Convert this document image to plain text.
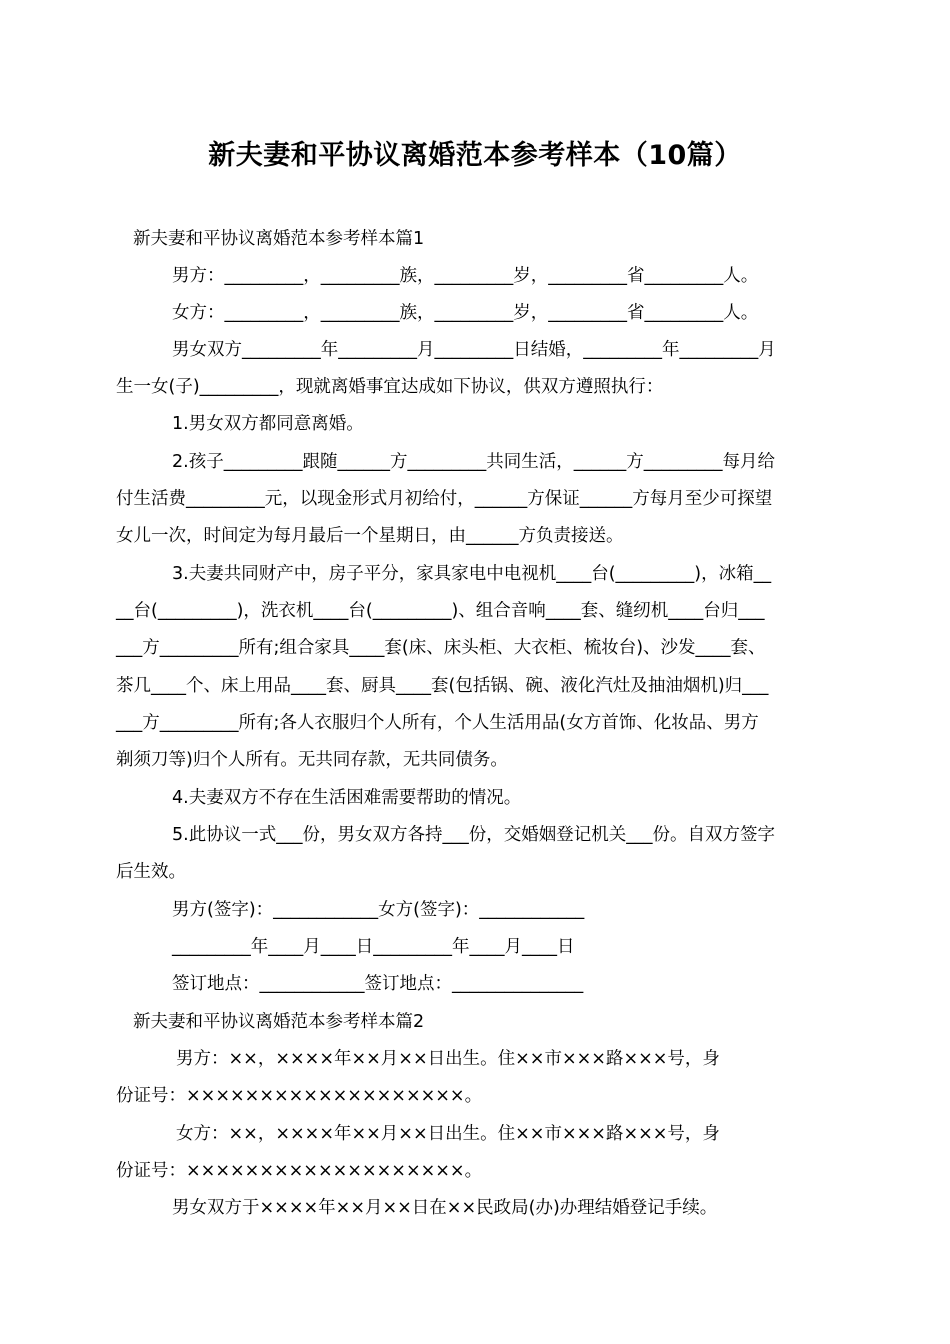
新夫妻和平协议离婚范本参考样本（10篇）
新夫妻和平协议离婚范本参考样本篇1
男方：_________，_________族，_________岁，_________省_________人。
女方：_________，_________族，_________岁，_________省_________人。
男女双方_________年_________月_________日结婚，_________年_________月
生一女(子)_________，现就离婚事宜达成如下协议，供双方遵照执行：
1.男女双方都同意离婚。
2.孩子_________跟随______方_________共同生活，______方_________每月给
付生活费_________元，以现金形式月初给付，______方保证______方每月至少可探望
女儿一次，时间定为每月最后一个星期日，由______方负责接送。
3.夫妻共同财产中，房子平分，家具家电中电视机____台(_________)，冰箱__
__台(_________)，洗衣机____台(_________)、组合音响____套、缝纫机____台归___
___方_________所有;组合家具____套(床、床头柜、大衣柜、梳妆台)、沙发____套、
茶几____个、床上用品____套、厨具____套(包括锅、碗、液化汽灶及抽油烟机)归___
___方_________所有;各人衣服归个人所有，个人生活用品(女方首饰、化妆品、男方
剃须刀等)归个人所有。无共同存款，无共同债务。
4.夫妻双方不存在生活困难需要帮助的情况。
5.此协议一式___份，男女双方各持___份，交婚姻登记机关___份。自双方签字
后生效。
男方(签字)：____________女方(签字)：____________
_________年____月____日_________年____月____日
签订地点：____________签订地点：_______________
新夫妻和平协议离婚范本参考样本篇2
男方：××，××××年××月××日出生。住××市×××路×××号，身
份证号：×××××××××××××××××××。
女方：××，××××年××月××日出生。住××市×××路×××号，身
份证号：×××××××××××××××××××。
男女双方于××××年××月××日在××民政局(办)办理结婚登记手续。
